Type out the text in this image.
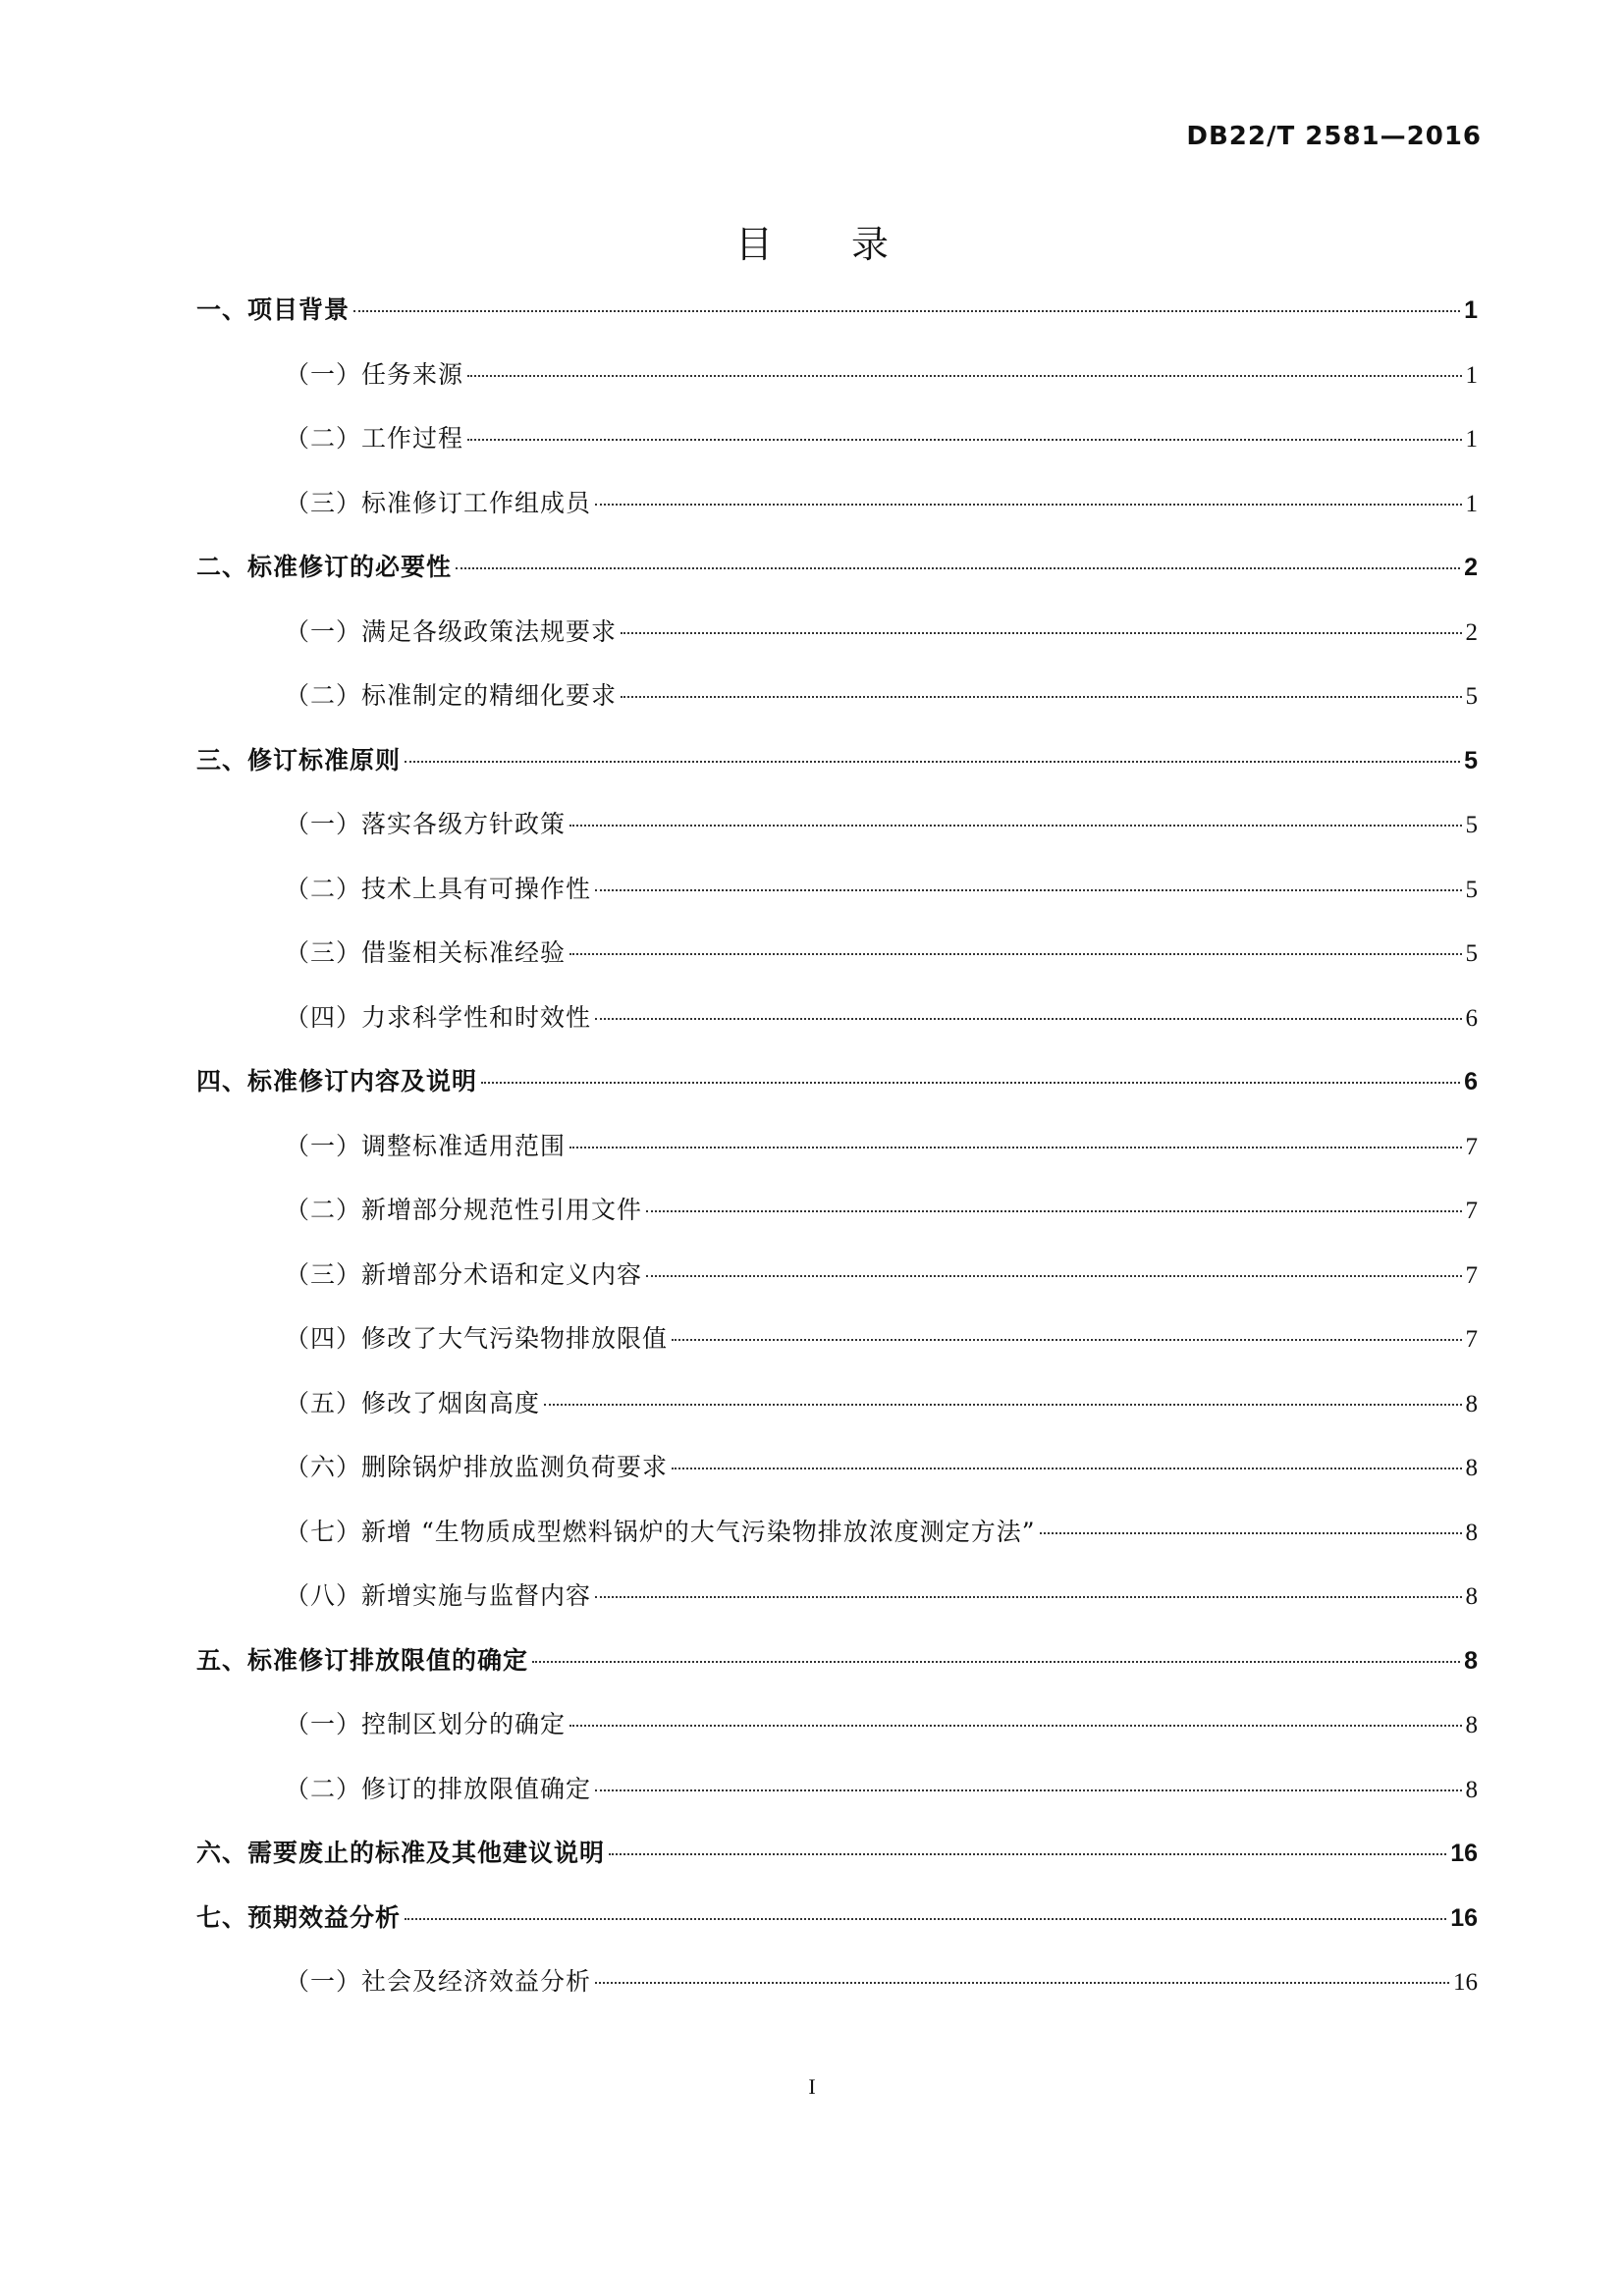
DB22/T 2581—2016
目 录
一、项目背景	1
（一）任务来源	1
（二）工作过程	1
（三）标准修订工作组成员	1
二、标准修订的必要性	2
（一）满足各级政策法规要求	2
（二）标准制定的精细化要求	5
三、修订标准原则	5
（一）落实各级方针政策	5
（二）技术上具有可操作性	5
（三）借鉴相关标准经验	5
（四）力求科学性和时效性	6
四、标准修订内容及说明	6
（一）调整标准适用范围	7
（二）新增部分规范性引用文件	7
（三）新增部分术语和定义内容	7
（四）修改了大气污染物排放限值	7
（五）修改了烟囱高度	8
（六）删除锅炉排放监测负荷要求	8
（七）新增 “生物质成型燃料锅炉的大气污染物排放浓度测定方法”	8
（八）新增实施与监督内容	8
五、标准修订排放限值的确定	8
（一）控制区划分的确定	8
（二）修订的排放限值确定	8
六、需要废止的标准及其他建议说明	16
七、预期效益分析	16
（一）社会及经济效益分析	16
I
